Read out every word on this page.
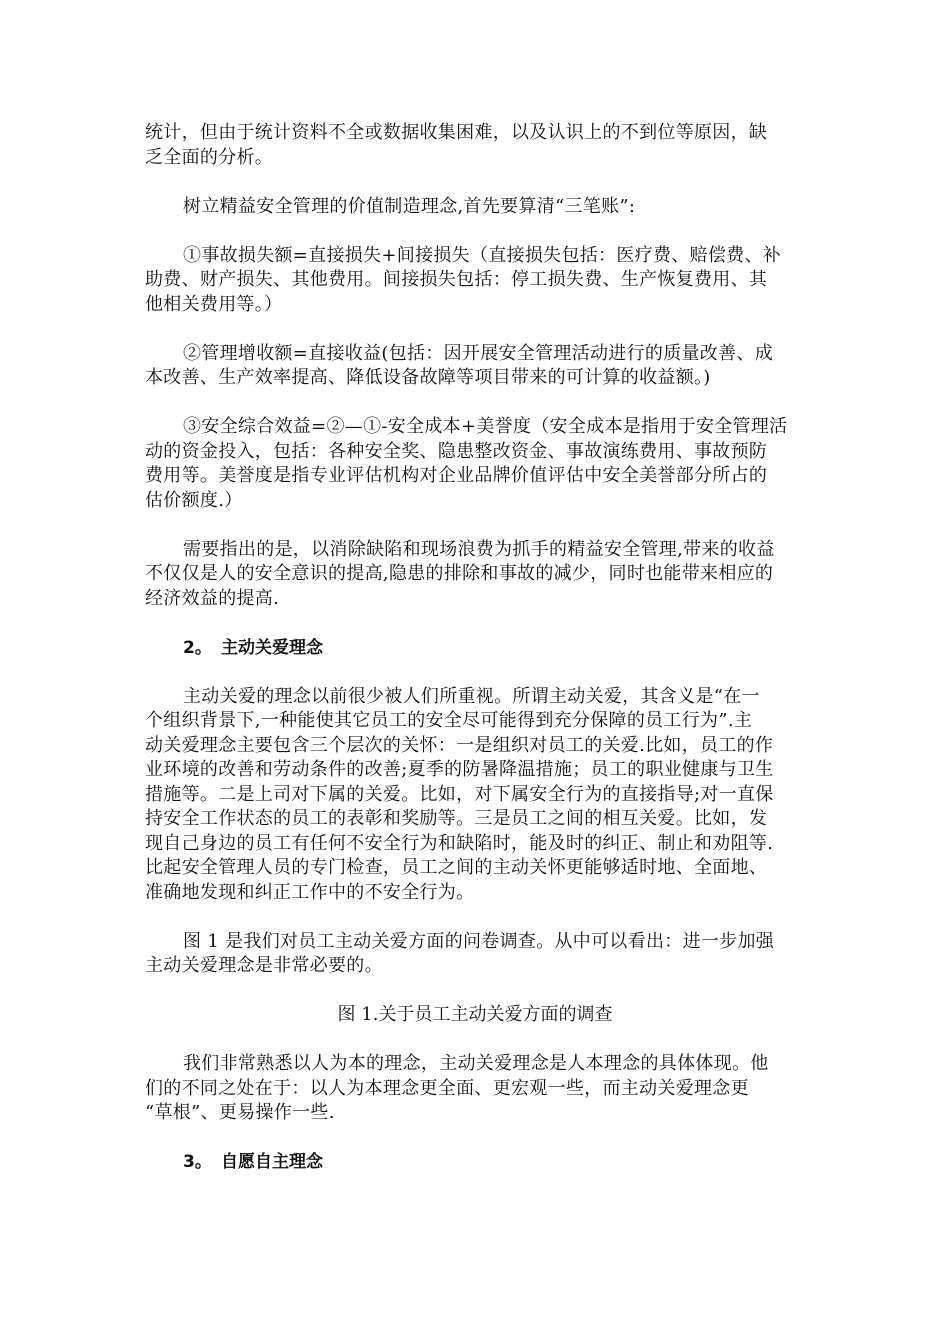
统计，但由于统计资料不全或数据收集困难，以及认识上的不到位等原因，缺
乏全面的分析。

树立精益安全管理的价值制造理念,首先要算清“三笔账”:

①事故损失额=直接损失+间接损失（直接损失包括：医疗费、赔偿费、补
助费、财产损失、其他费用。间接损失包括：停工损失费、生产恢复费用、其
他相关费用等。）

②管理增收额=直接收益(包括：因开展安全管理活动进行的质量改善、成
本改善、生产效率提高、降低设备故障等项目带来的可计算的收益额。)

③安全综合效益=②—①-安全成本+美誉度（安全成本是指用于安全管理活
动的资金投入，包括：各种安全奖、隐患整改资金、事故演练费用、事故预防
费用等。美誉度是指专业评估机构对企业品牌价值评估中安全美誉部分所占的
估价额度.）

需要指出的是，以消除缺陷和现场浪费为抓手的精益安全管理,带来的收益
不仅仅是人的安全意识的提高,隐患的排除和事故的减少，同时也能带来相应的
经济效益的提高.

2。 主动关爱理念

主动关爱的理念以前很少被人们所重视。所谓主动关爱，其含义是“在一
个组织背景下,一种能使其它员工的安全尽可能得到充分保障的员工行为”.主
动关爱理念主要包含三个层次的关怀：一是组织对员工的关爱.比如，员工的作
业环境的改善和劳动条件的改善;夏季的防暑降温措施；员工的职业健康与卫生
措施等。二是上司对下属的关爱。比如，对下属安全行为的直接指导;对一直保
持安全工作状态的员工的表彰和奖励等。三是员工之间的相互关爱。比如，发
现自己身边的员工有任何不安全行为和缺陷时，能及时的纠正、制止和劝阻等.
比起安全管理人员的专门检查，员工之间的主动关怀更能够适时地、全面地、
准确地发现和纠正工作中的不安全行为。

图 1 是我们对员工主动关爱方面的问卷调查。从中可以看出：进一步加强
主动关爱理念是非常必要的。

图 1.关于员工主动关爱方面的调查

我们非常熟悉以人为本的理念，主动关爱理念是人本理念的具体体现。他
们的不同之处在于：以人为本理念更全面、更宏观一些，而主动关爱理念更
“草根”、更易操作一些.

3。 自愿自主理念
